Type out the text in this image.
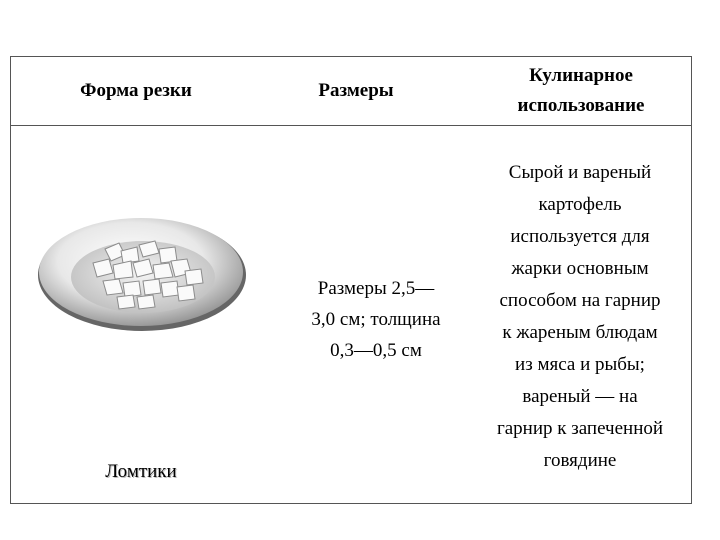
Форма резки	Размеры
Кулинарное
использование
Ломтики
Размеры 2,5—
3,0 см; толщина
0,3—0,5 см
Сырой и вареный
картофель
используется для
жарки основным
способом на гарнир
к жареным блюдам
из мяса и рыбы;
вареный — на
гарнир к запеченной
говядине
